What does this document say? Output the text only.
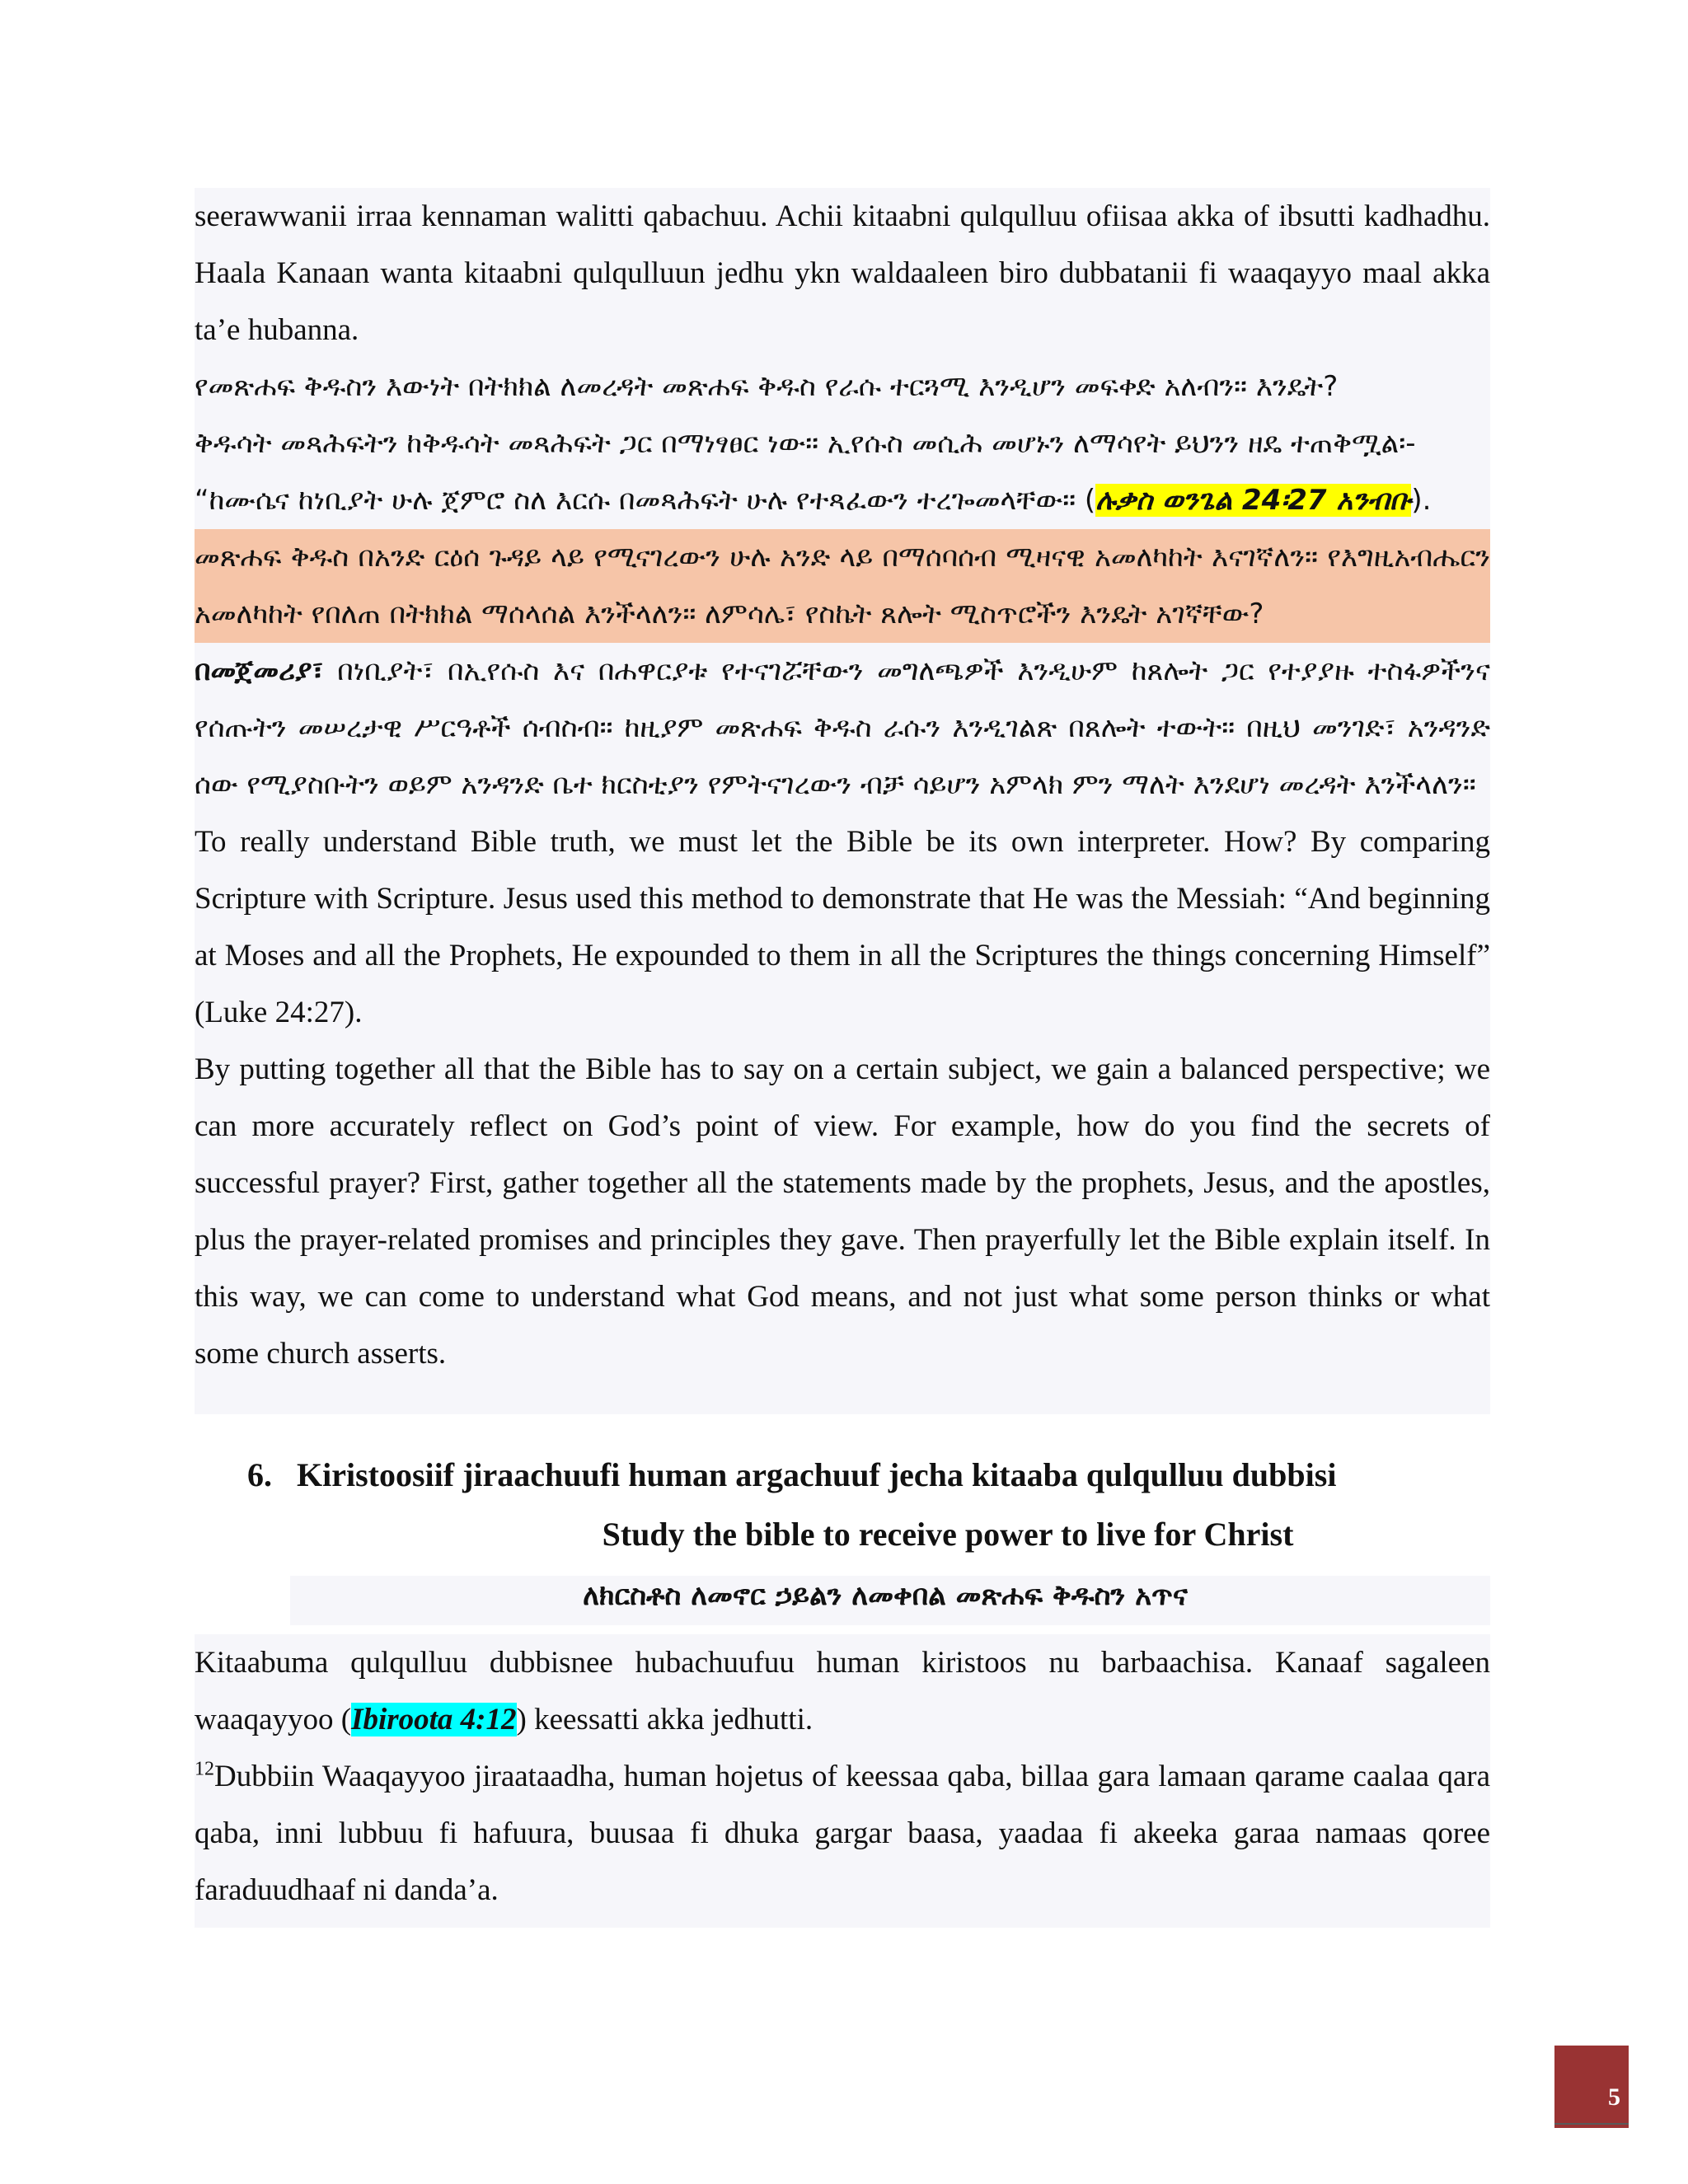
seerawwanii irraa kennaman walitti qabachuu. Achii kitaabni qulqulluu ofiisaa akka of ibsutti kadhadhu. Haala Kanaan wanta kitaabni qulqulluun jedhu ykn waldaaleen biro dubbatanii fi waaqayyo maal akka ta’e hubanna.

የመጽሐፍ ቅዱስን እውነት በትክክል ለመረዳት መጽሐፍ ቅዱስ የራሱ ተርጓሚ እንዲሆን መፍቀድ አለብን። እንዴት?

ቅዱሳት መጻሕፍትን ከቅዱሳት መጻሕፍት ጋር በማነፃፀር ነው። ኢየሱስ መሲሕ መሆኑን ለማሳየት ይህንን ዘዴ ተጠቅሟል፡-

“ከሙሴና ከነቢያት ሁሉ ጀምሮ ስለ እርሱ በመጻሕፍት ሁሉ የተጻፈውን ተረጐመላቸው። (ሉቃስ ወንጌል 24፡27 አንብቡ).

መጽሐፍ ቅዱስ በአንድ ርዕሰ ጉዳይ ላይ የሚናገረውን ሁሉ አንድ ላይ በማሰባሰብ ሚዛናዊ አመለካከት እናገኛለን። የእግዚአብሔርን አመለካከት የበለጠ በትክክል ማሰላሰል እንችላለን። ለምሳሌ፣ የስኬት ጸሎት ሚስጥሮችን እንዴት አገኛቸው?

በመጀመሪያ፣ በነቢያት፣ በኢየሱስ እና በሐዋርያቱ የተናገሯቸውን መግለጫዎች እንዲሁም ከጸሎት ጋር የተያያዙ ተስፋዎችንና የሰጡትን መሠረታዊ ሥርዓቶች ሰብስብ። ከዚያም መጽሐፍ ቅዱስ ራሱን እንዲገልጽ በጸሎት ተውት። በዚህ መንገድ፣ አንዳንድ ሰው የሚያስቡትን ወይም አንዳንድ ቤተ ክርስቲያን የምትናገረውን ብቻ ሳይሆን አምላክ ምን ማለት እንደሆነ መረዳት እንችላለን።

To really understand Bible truth, we must let the Bible be its own interpreter. How? By comparing Scripture with Scripture. Jesus used this method to demonstrate that He was the Messiah: “And beginning at Moses and all the Prophets, He expounded to them in all the Scriptures the things concerning Himself” (Luke 24:27).

By putting together all that the Bible has to say on a certain subject, we gain a balanced perspective; we can more accurately reflect on God’s point of view. For example, how do you find the secrets of successful prayer? First, gather together all the statements made by the prophets, Jesus, and the apostles, plus the prayer-related promises and principles they gave. Then prayerfully let the Bible explain itself. In this way, we can come to understand what God means, and not just what some person thinks or what some church asserts.

6. Kiristoosiif jiraachuufi human argachuuf jecha kitaaba qulqulluu dubbisi
Study the bible to receive power to live for Christ
ለክርስቶስ ለመኖር ኃይልን ለመቀበል መጽሐፍ ቅዱስን አጥና

Kitaabuma qulqulluu dubbisnee hubachuufuu human kiristoos nu barbaachisa. Kanaaf sagaleen waaqayyoo (Ibiroota 4:12) keessatti akka jedhutti.

$^{12}$Dubbiin Waaqayyoo jiraataadha, human hojetus of keessaa qaba, billaa gara lamaan qarame caalaa qara qaba, inni lubbuu fi hafuura, buusaa fi dhuka gargar baasa, yaadaa fi akeeka garaa namaas qoree faraduudhaaf ni danda’a.

5
